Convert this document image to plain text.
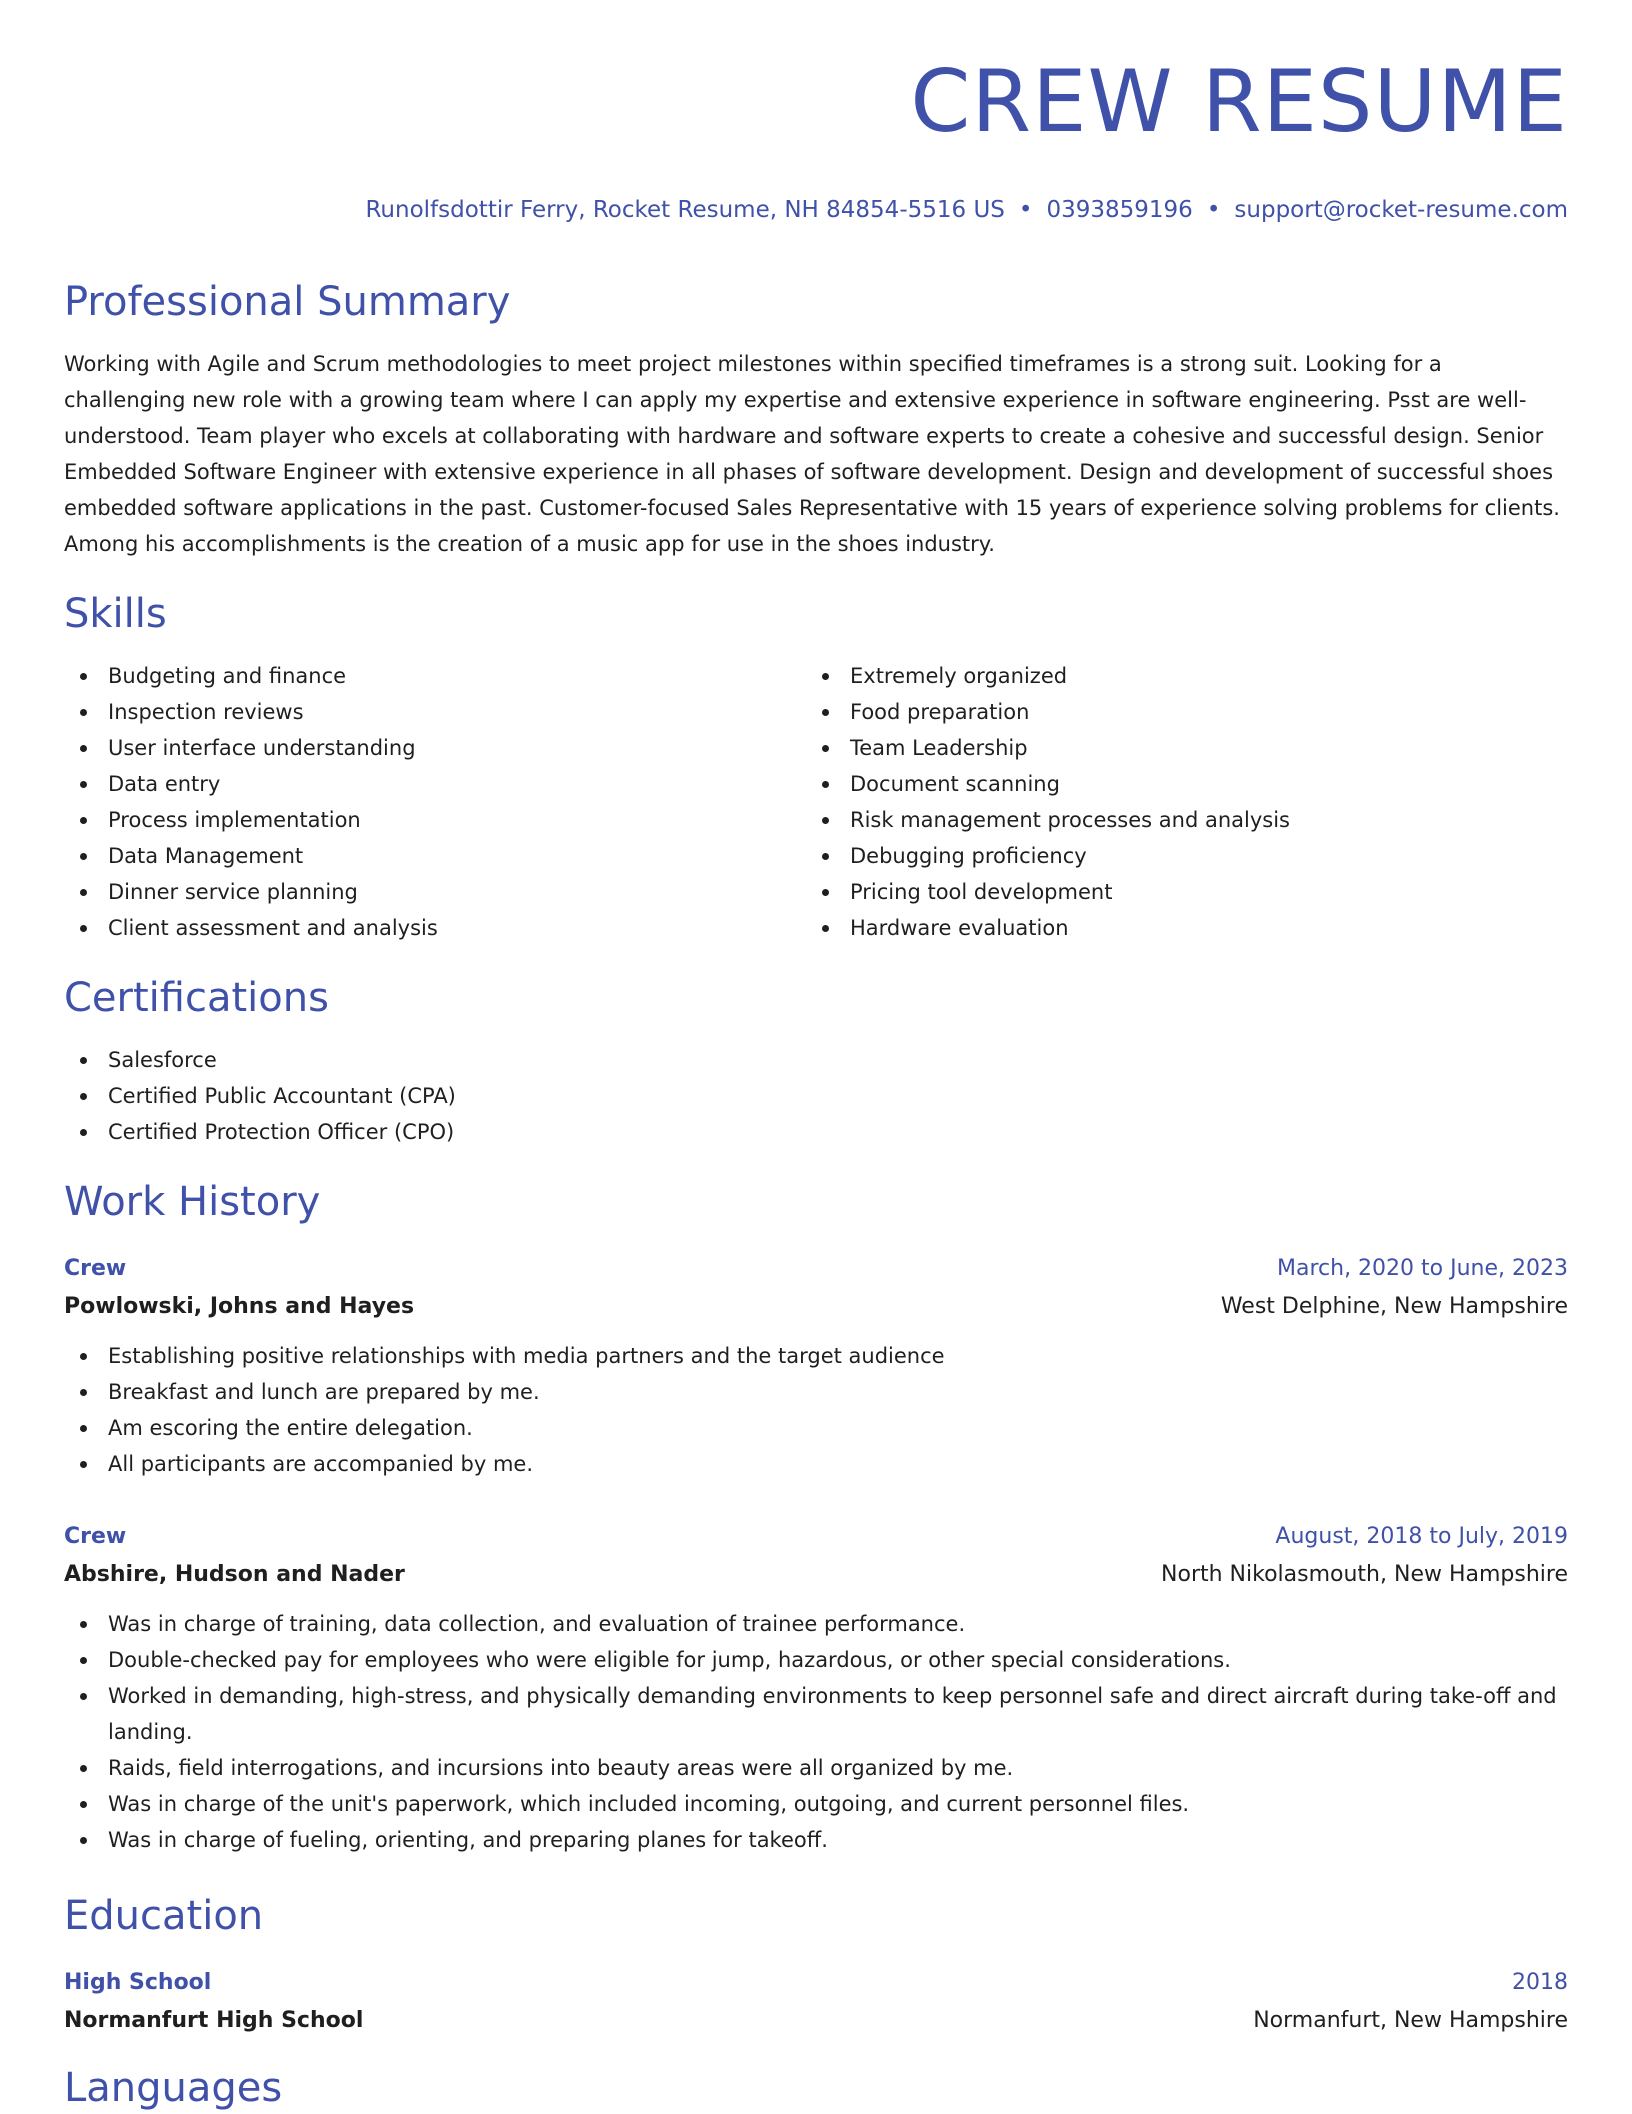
CREW RESUME
Runolfsdottir Ferry, Rocket Resume, NH 84854-5516 US • 0393859196 • support@rocket-resume.com
Professional Summary
Working with Agile and Scrum methodologies to meet project milestones within specified timeframes is a strong suit. Looking for a challenging new role with a growing team where I can apply my expertise and extensive experience in software engineering. Psst are well-understood. Team player who excels at collaborating with hardware and software experts to create a cohesive and successful design. Senior Embedded Software Engineer with extensive experience in all phases of software development. Design and development of successful shoes embedded software applications in the past. Customer-focused Sales Representative with 15 years of experience solving problems for clients. Among his accomplishments is the creation of a music app for use in the shoes industry.
Skills
Budgeting and finance
Inspection reviews
User interface understanding
Data entry
Process implementation
Data Management
Dinner service planning
Client assessment and analysis
Extremely organized
Food preparation
Team Leadership
Document scanning
Risk management processes and analysis
Debugging proficiency
Pricing tool development
Hardware evaluation
Certifications
Salesforce
Certified Public Accountant (CPA)
Certified Protection Officer (CPO)
Work History
Crew	March, 2020 to June, 2023
Powlowski, Johns and Hayes	West Delphine, New Hampshire
Establishing positive relationships with media partners and the target audience
Breakfast and lunch are prepared by me.
Am escoring the entire delegation.
All participants are accompanied by me.
Crew	August, 2018 to July, 2019
Abshire, Hudson and Nader	North Nikolasmouth, New Hampshire
Was in charge of training, data collection, and evaluation of trainee performance.
Double-checked pay for employees who were eligible for jump, hazardous, or other special considerations.
Worked in demanding, high-stress, and physically demanding environments to keep personnel safe and direct aircraft during take-off and landing.
Raids, field interrogations, and incursions into beauty areas were all organized by me.
Was in charge of the unit's paperwork, which included incoming, outgoing, and current personnel files.
Was in charge of fueling, orienting, and preparing planes for takeoff.
Education
High School	2018
Normanfurt High School	Normanfurt, New Hampshire
Languages
